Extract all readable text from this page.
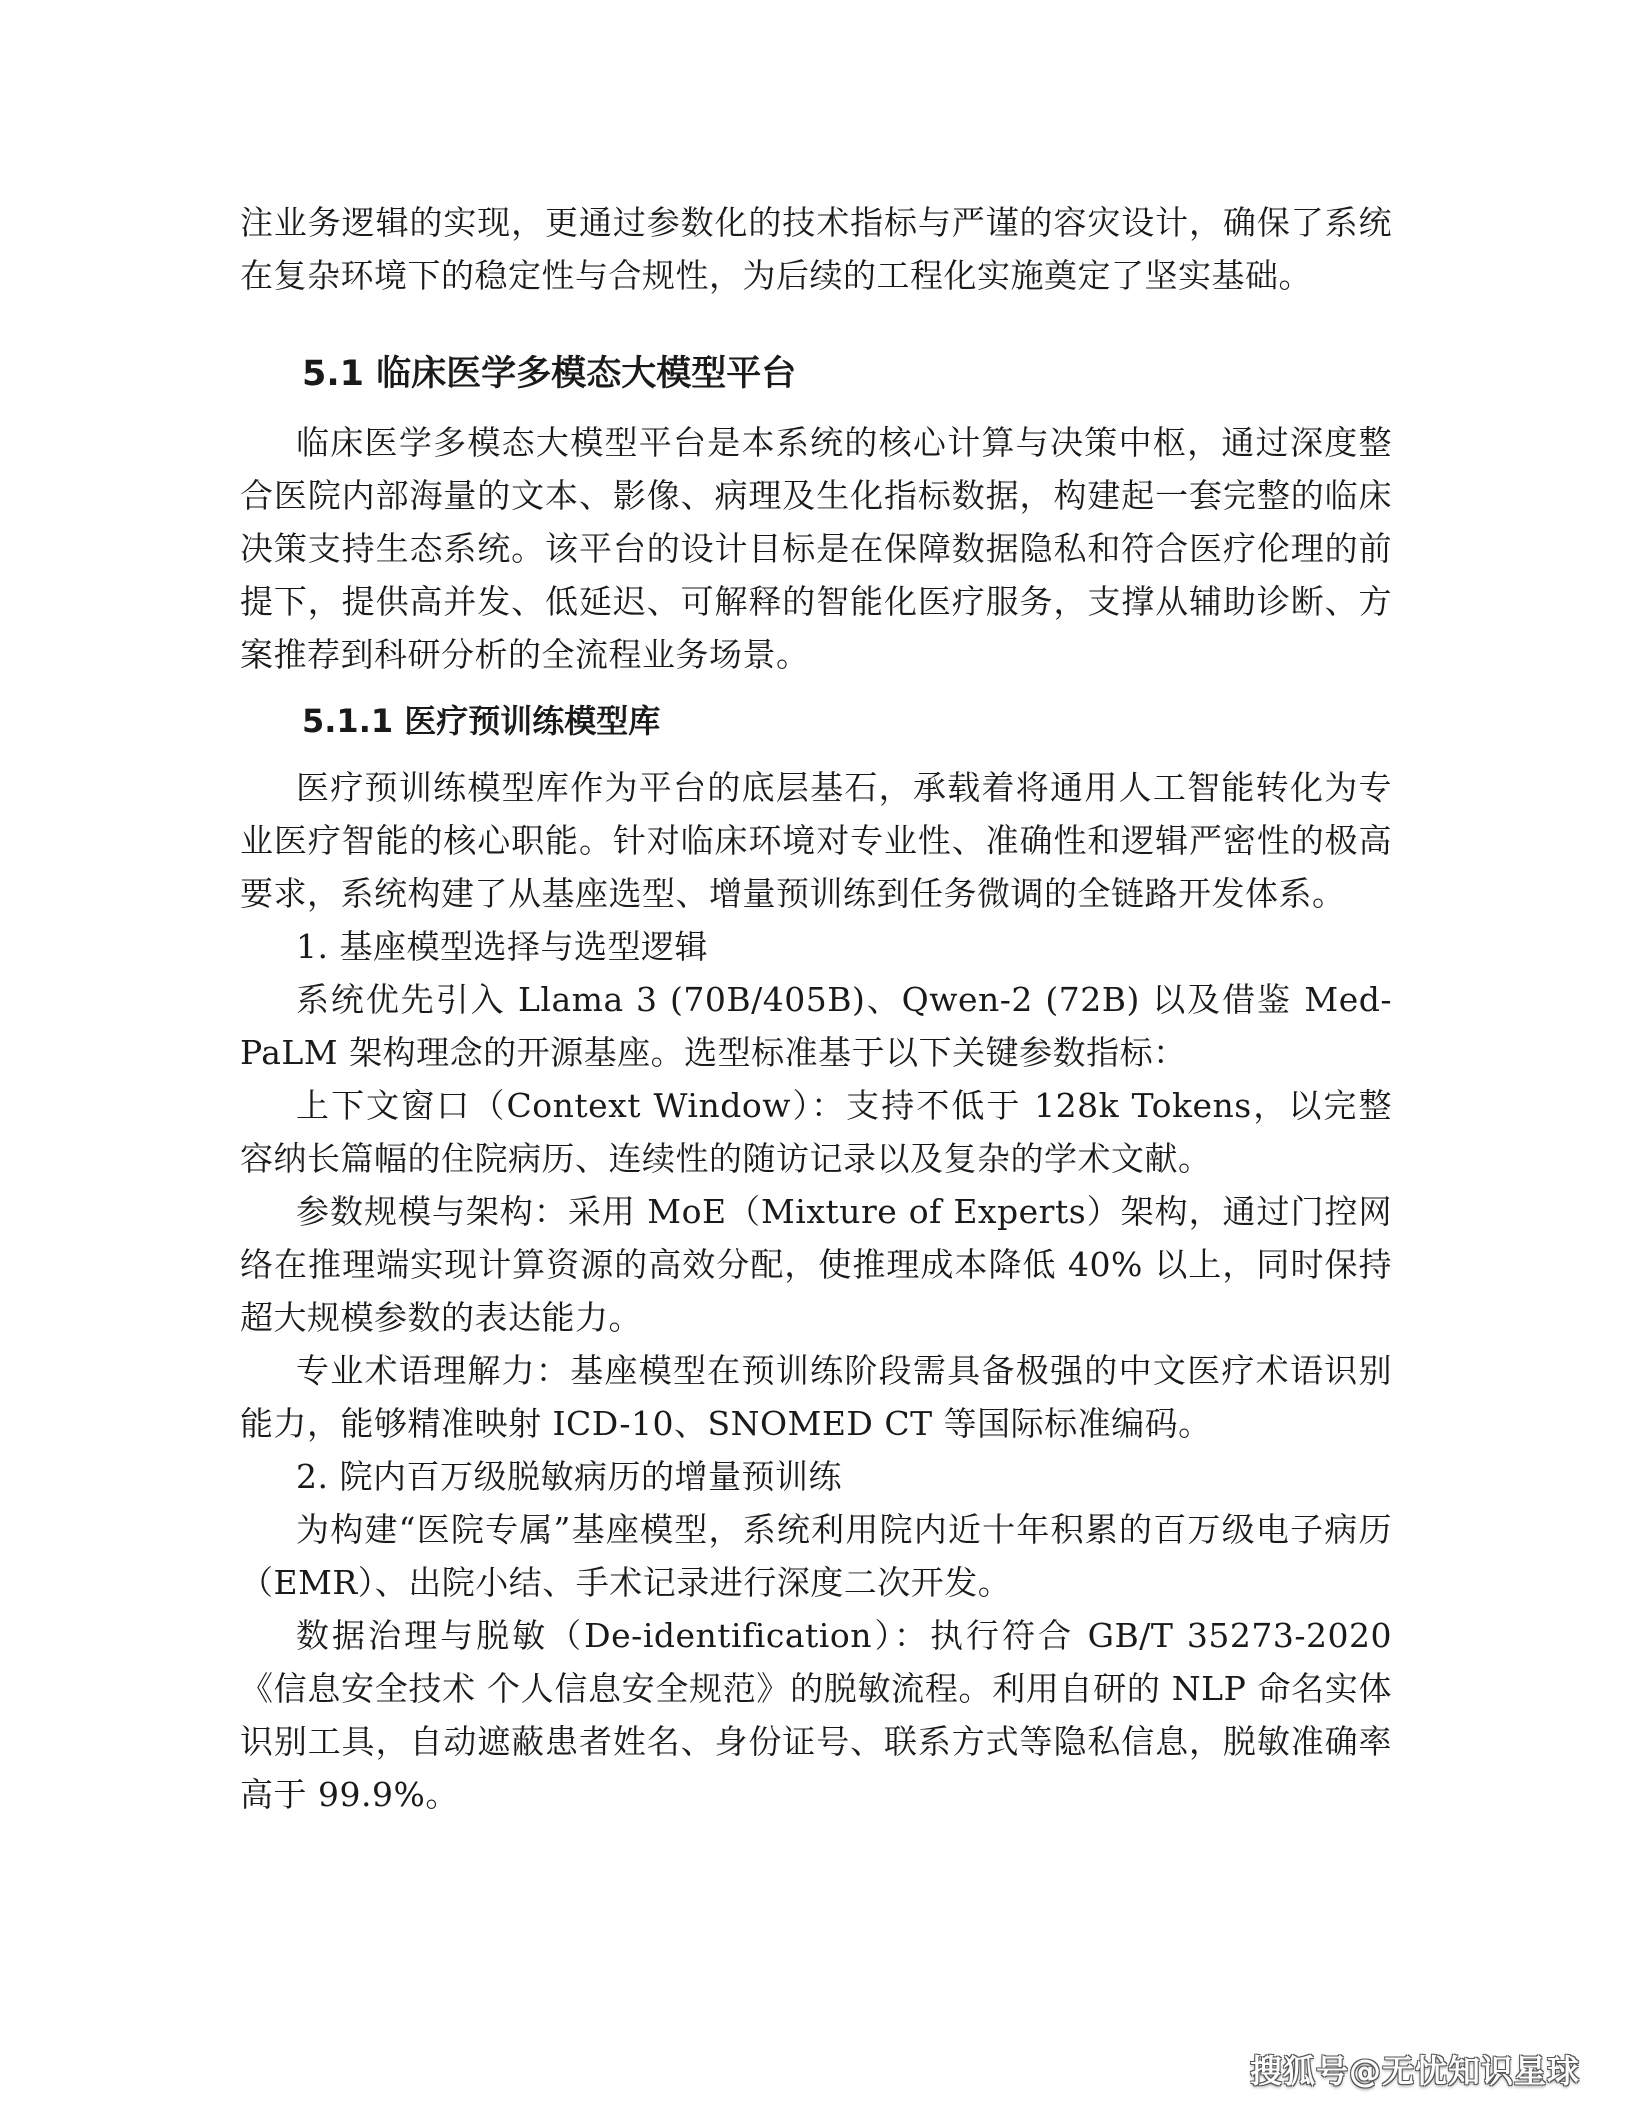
注业务逻辑的实现，更通过参数化的技术指标与严谨的容灾设计，确保了系统在复杂环境下的稳定性与合规性，为后续的工程化实施奠定了坚实基础。

5.1 临床医学多模态大模型平台

临床医学多模态大模型平台是本系统的核心计算与决策中枢，通过深度整合医院内部海量的文本、影像、病理及生化指标数据，构建起一套完整的临床决策支持生态系统。该平台的设计目标是在保障数据隐私和符合医疗伦理的前提下，提供高并发、低延迟、可解释的智能化医疗服务，支撑从辅助诊断、方案推荐到科研分析的全流程业务场景。

5.1.1 医疗预训练模型库

医疗预训练模型库作为平台的底层基石，承载着将通用人工智能转化为专业医疗智能的核心职能。针对临床环境对专业性、准确性和逻辑严密性的极高要求，系统构建了从基座选型、增量预训练到任务微调的全链路开发体系。

1. 基座模型选择与选型逻辑

系统优先引入 Llama 3 (70B/405B)、Qwen-2 (72B) 以及借鉴 Med-PaLM 架构理念的开源基座。选型标准基于以下关键参数指标：

上下文窗口（Context Window）：支持不低于 128k Tokens，以完整容纳长篇幅的住院病历、连续性的随访记录以及复杂的学术文献。

参数规模与架构：采用 MoE（Mixture of Experts）架构，通过门控网络在推理端实现计算资源的高效分配，使推理成本降低 40% 以上，同时保持超大规模参数的表达能力。

专业术语理解力：基座模型在预训练阶段需具备极强的中文医疗术语识别能力，能够精准映射 ICD-10、SNOMED CT 等国际标准编码。

2. 院内百万级脱敏病历的增量预训练

为构建“医院专属”基座模型，系统利用院内近十年积累的百万级电子病历（EMR）、出院小结、手术记录进行深度二次开发。

数据治理与脱敏（De-identification）：执行符合 GB/T 35273-2020《信息安全技术 个人信息安全规范》的脱敏流程。利用自研的 NLP 命名实体识别工具，自动遮蔽患者姓名、身份证号、联系方式等隐私信息，脱敏准确率高于 99.9%。

搜狐号@无忧知识星球
